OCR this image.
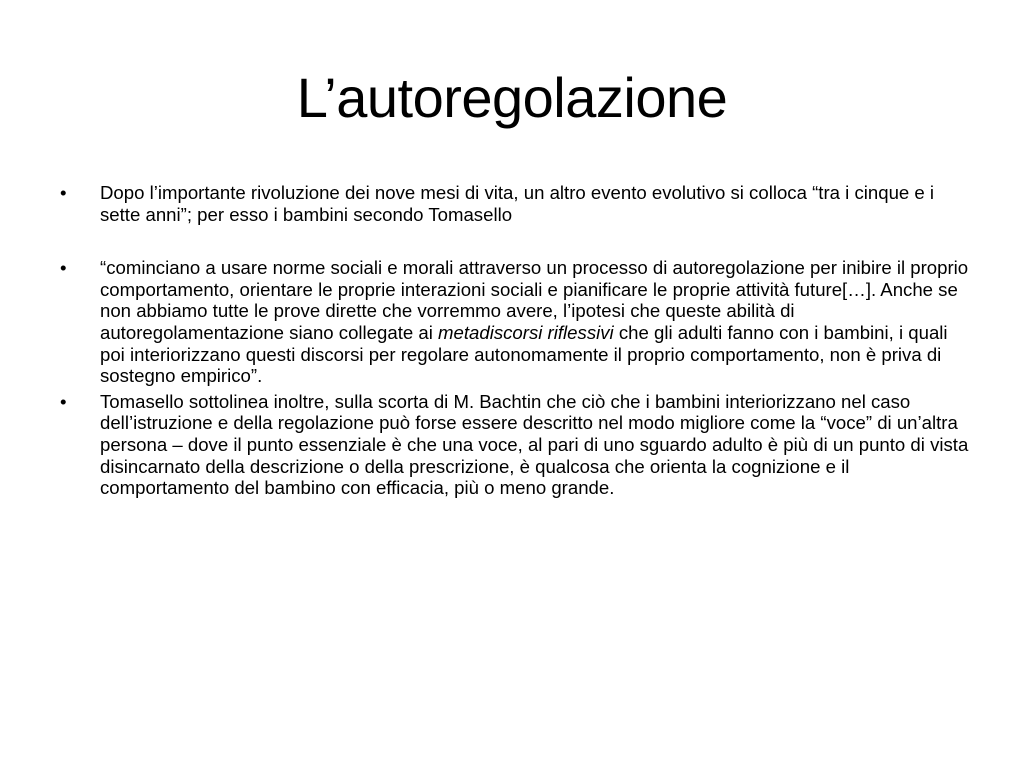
L’autoregolazione
•	Dopo l’importante rivoluzione dei nove mesi di vita, un altro evento evolutivo si colloca “tra i cinque e i sette anni”; per esso i bambini secondo Tomasello
•	“cominciano a usare norme sociali e morali attraverso un processo di autoregolazione per inibire il proprio comportamento, orientare le proprie interazioni sociali e pianificare le proprie attività future[…]. Anche se non abbiamo tutte le prove dirette che vorremmo avere, l’ipotesi che queste abilità di autoregolamentazione siano collegate ai metadiscorsi riflessivi che gli adulti fanno con i bambini, i quali poi interiorizzano questi discorsi per regolare autonomamente il proprio comportamento, non è priva di sostegno empirico”.
•	Tomasello sottolinea inoltre, sulla scorta di M. Bachtin che ciò che i bambini interiorizzano nel caso dell’istruzione e della regolazione può forse essere descritto nel modo migliore come la “voce” di un’altra persona – dove il punto essenziale è che una voce, al pari di uno sguardo adulto è più di un punto di vista disincarnato della descrizione o della prescrizione, è qualcosa che orienta la cognizione e il comportamento del bambino con efficacia, più o meno grande.
